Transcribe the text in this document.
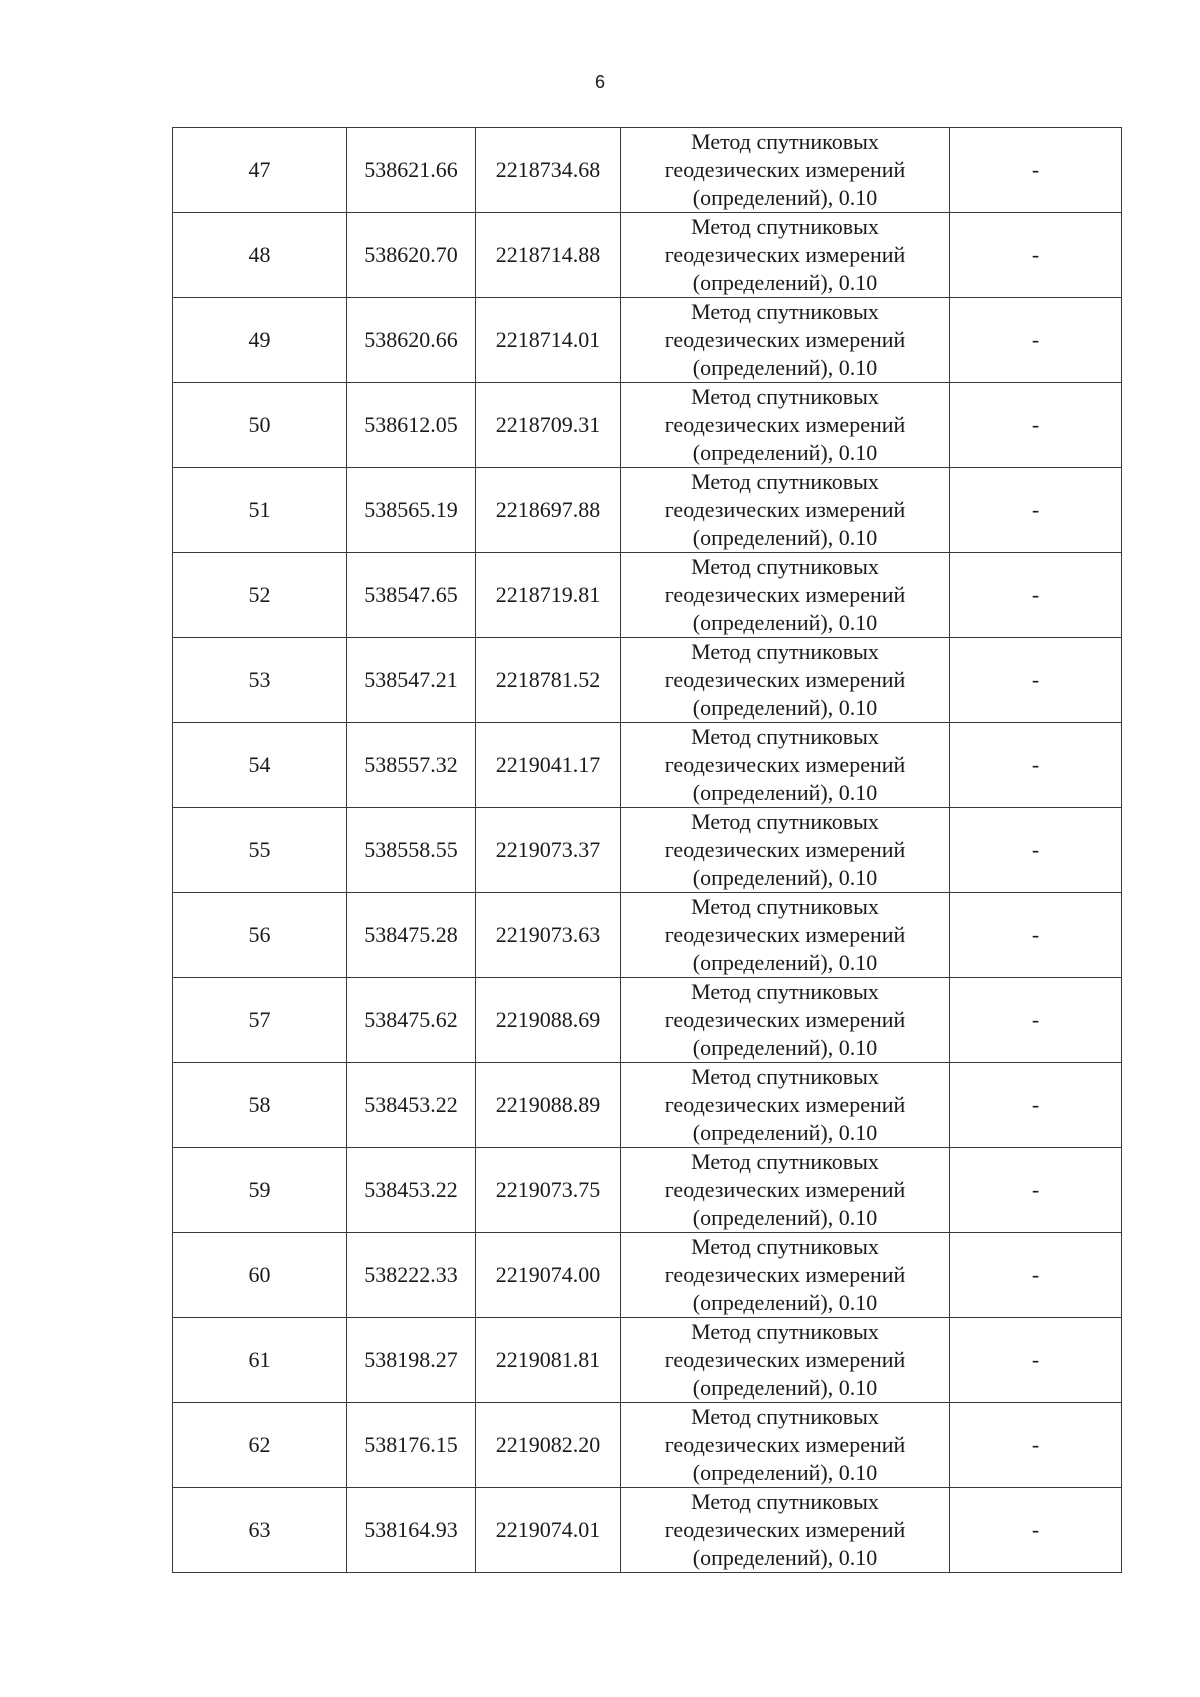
6
47	538621.66	2218734.68	Метод спутниковых
геодезических измерений
(определений), 0.10	-
48	538620.70	2218714.88	Метод спутниковых
геодезических измерений
(определений), 0.10	-
49	538620.66	2218714.01	Метод спутниковых
геодезических измерений
(определений), 0.10	-
50	538612.05	2218709.31	Метод спутниковых
геодезических измерений
(определений), 0.10	-
51	538565.19	2218697.88	Метод спутниковых
геодезических измерений
(определений), 0.10	-
52	538547.65	2218719.81	Метод спутниковых
геодезических измерений
(определений), 0.10	-
53	538547.21	2218781.52	Метод спутниковых
геодезических измерений
(определений), 0.10	-
54	538557.32	2219041.17	Метод спутниковых
геодезических измерений
(определений), 0.10	-
55	538558.55	2219073.37	Метод спутниковых
геодезических измерений
(определений), 0.10	-
56	538475.28	2219073.63	Метод спутниковых
геодезических измерений
(определений), 0.10	-
57	538475.62	2219088.69	Метод спутниковых
геодезических измерений
(определений), 0.10	-
58	538453.22	2219088.89	Метод спутниковых
геодезических измерений
(определений), 0.10	-
59	538453.22	2219073.75	Метод спутниковых
геодезических измерений
(определений), 0.10	-
60	538222.33	2219074.00	Метод спутниковых
геодезических измерений
(определений), 0.10	-
61	538198.27	2219081.81	Метод спутниковых
геодезических измерений
(определений), 0.10	-
62	538176.15	2219082.20	Метод спутниковых
геодезических измерений
(определений), 0.10	-
63	538164.93	2219074.01	Метод спутниковых
геодезических измерений
(определений), 0.10	-
